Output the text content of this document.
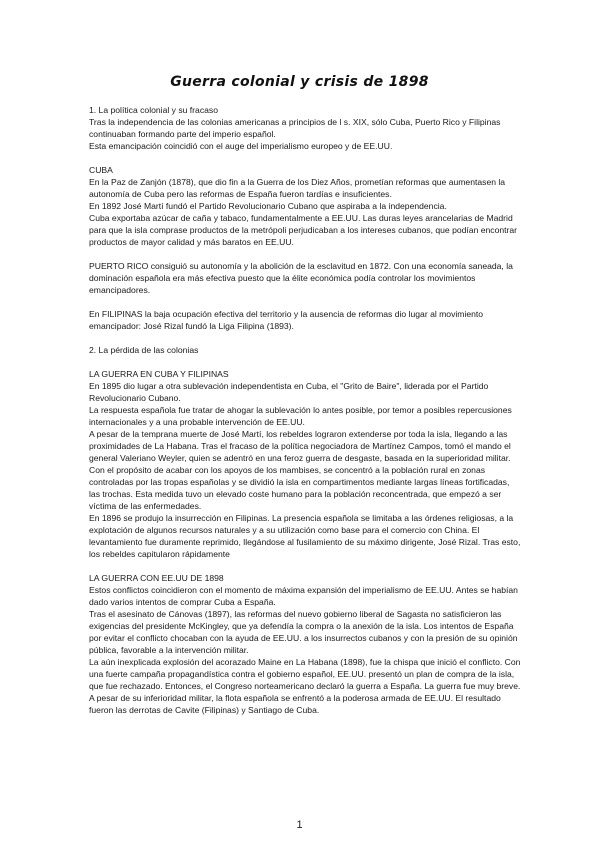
Guerra colonial y crisis de 1898

1. La política colonial y su fracaso

Tras la independencia de las colonias americanas a principios de l s. XIX, sólo Cuba, Puerto Rico y Filipinas continuaban formando parte del imperio español.

Esta emancipación coincidió con el auge del imperialismo europeo y de EE.UU.

CUBA

En la Paz de Zanjón (1878), que dio fin a la Guerra de los Diez Años, prometían reformas que aumentasen la autonomía de Cuba pero las reformas de España fueron tardías e insuficientes.

En 1892 José Martí fundó el Partido Revolucionario Cubano que aspiraba a la independencia.

Cuba exportaba azúcar de caña y tabaco, fundamentalmente a EE.UU. Las duras leyes arancelarias de Madrid para que la isla comprase productos de la metrópoli perjudicaban a los intereses cubanos, que podían encontrar productos de mayor calidad y más baratos en EE.UU.

PUERTO RICO consiguió su autonomía y la abolición de la esclavitud en 1872. Con una economía saneada, la dominación española era más efectiva puesto que la élite económica podía controlar los movimientos emancipadores.

En FILIPINAS la baja ocupación efectiva del territorio y la ausencia de reformas dio lugar al movimiento emancipador: José Rizal fundó la Liga Filipina (1893).

2. La pérdida de las colonias

LA GUERRA EN CUBA Y FILIPINAS

En 1895 dio lugar a otra sublevación independentista en Cuba, el "Grito de Baire", liderada por el Partido Revolucionario Cubano.

La respuesta española fue tratar de ahogar la sublevación lo antes posible, por temor a posibles repercusiones internacionales y a una probable intervención de EE.UU.

A pesar de la temprana muerte de José Martí, los rebeldes lograron extenderse por toda la isla, llegando a las proximidades de La Habana. Tras el fracaso de la política negociadora de Martínez Campos, tomó el mando el general Valeriano Weyler, quien se adentró en una feroz guerra de desgaste, basada en la superioridad militar.

Con el propósito de acabar con los apoyos de los mambises, se concentró a la población rural en zonas controladas por las tropas españolas y se dividió la isla en compartimentos mediante largas líneas fortificadas, las trochas. Esta medida tuvo un elevado coste humano para la población reconcentrada, que empezó a ser víctima de las enfermedades.

En 1896 se produjo la insurrección en Filipinas. La presencia española se limitaba a las órdenes religiosas, a la explotación de algunos recursos naturales y a su utilización como base para el comercio con China. El levantamiento fue duramente reprimido, llegándose al fusilamiento de su máximo dirigente, José Rizal. Tras esto, los rebeldes capitularon rápidamente

LA GUERRA CON EE.UU DE 1898

Estos conflictos coincidieron con el momento de máxima expansión del imperialismo de EE.UU. Antes se habían dado varios intentos de comprar Cuba a España.

Tras el asesinato de Cánovas (1897), las reformas del nuevo gobierno liberal de Sagasta no satisficieron las exigencias del presidente McKingley, que ya defendía la compra o la anexión de la isla. Los intentos de España por evitar el conflicto chocaban con la ayuda de EE.UU. a los insurrectos cubanos y con la presión de su opinión pública, favorable a la intervención militar.

La aún inexplicada explosión del acorazado Maine en La Habana (1898), fue la chispa que inició el conflicto. Con una fuerte campaña propagandística contra el gobierno español, EE.UU. presentó un plan de compra de la isla, que fue rechazado. Entonces, el Congreso norteamericano declaró la guerra a España. La guerra fue muy breve. A pesar de su inferioridad militar, la flota española se enfrentó a la poderosa armada de EE.UU. El resultado fueron las derrotas de Cavite (Filipinas) y Santiago de Cuba.

1
